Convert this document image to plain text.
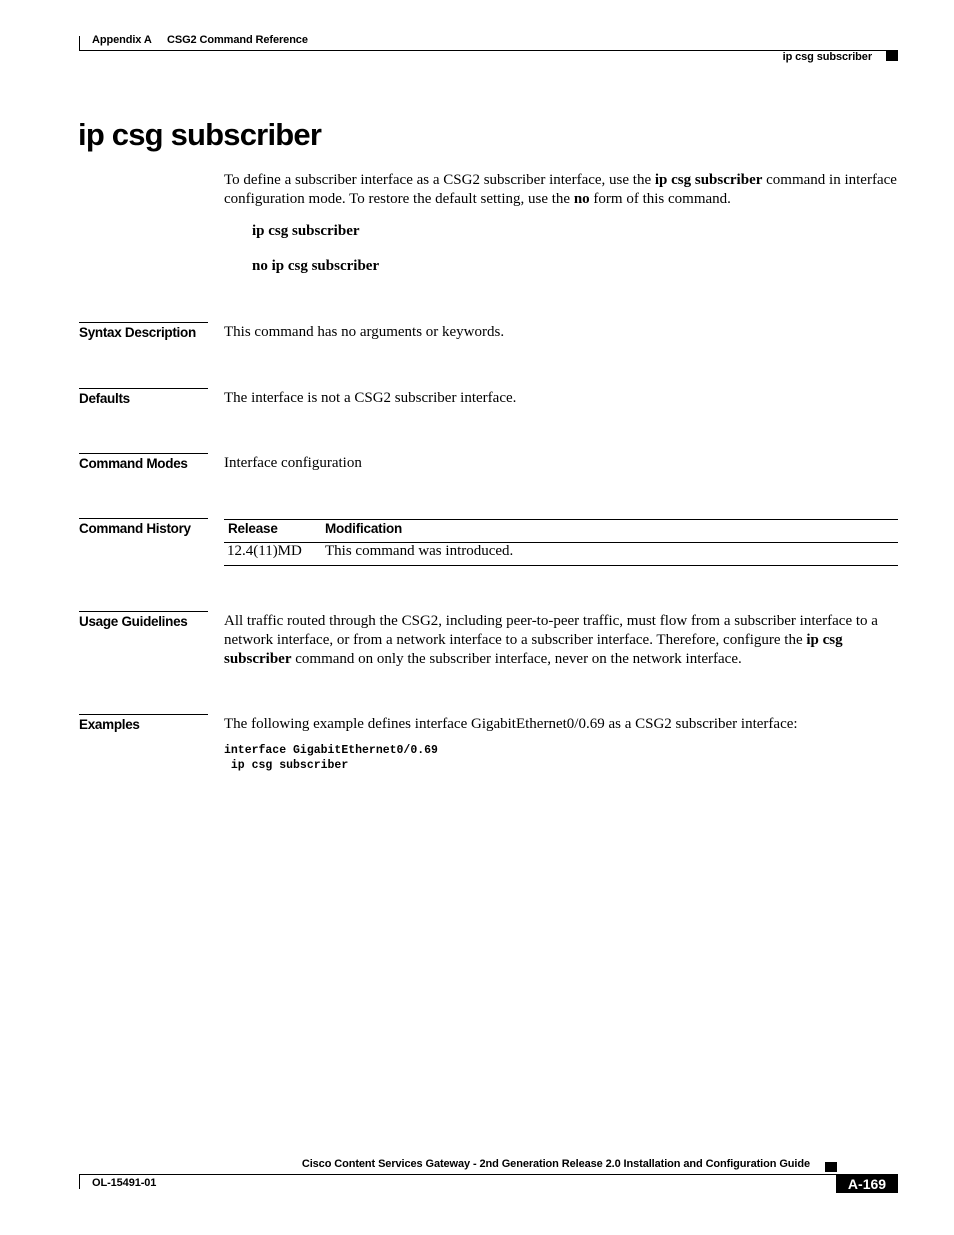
Appendix A CSG2 Command Reference
ip csg subscriber
ip csg subscriber
To define a subscriber interface as a CSG2 subscriber interface, use the ip csg subscriber command in interface configuration mode. To restore the default setting, use the no form of this command.
ip csg subscriber
no ip csg subscriber
Syntax Description	This command has no arguments or keywords.
Defaults	The interface is not a CSG2 subscriber interface.
Command Modes	Interface configuration
Command History	Release	Modification
12.4(11)MD This command was introduced.
Usage Guidelines	All traffic routed through the CSG2, including peer-to-peer traffic, must flow from a subscriber interface to a network interface, or from a network interface to a subscriber interface. Therefore, configure the ip csg subscriber command on only the subscriber interface, never on the network interface.
Examples	The following example defines interface GigabitEthernet0/0.69 as a CSG2 subscriber interface:
interface GigabitEthernet0/0.69
ip csg subscriber
Cisco Content Services Gateway - 2nd Generation Release 2.0 Installation and Configuration Guide
OL-15491-01	A-169
